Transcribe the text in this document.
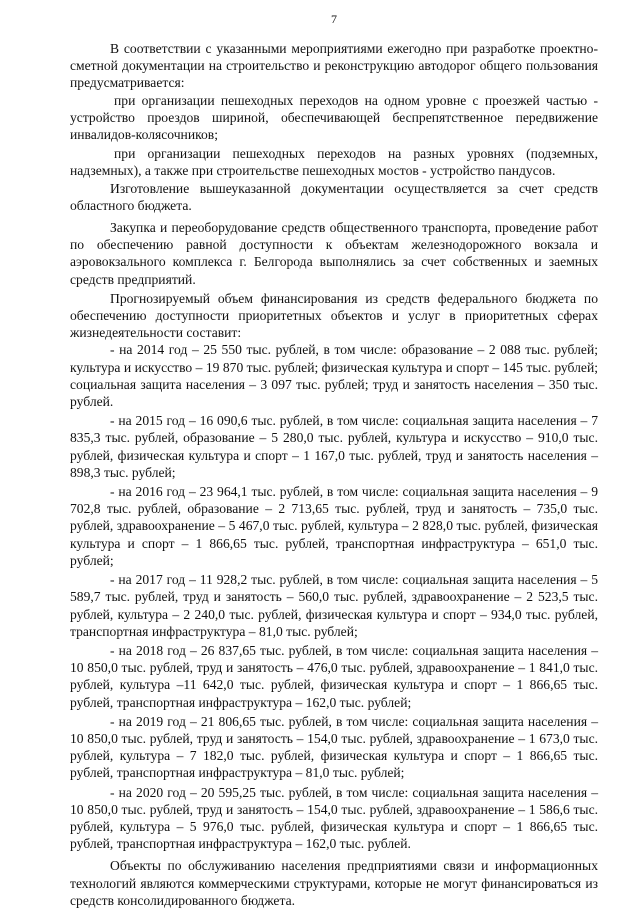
7

В соответствии с указанными мероприятиями ежегодно при разработке проектно-сметной документации на строительство и реконструкцию автодорог общего пользования предусматривается:

при организации пешеходных переходов на одном уровне с проезжей частью - устройство проездов шириной, обеспечивающей беспрепятственное передвижение инвалидов-колясочников;

при организации пешеходных переходов на разных уровнях (подземных, надземных), а также при строительстве пешеходных мостов - устройство пандусов.

Изготовление вышеуказанной документации осуществляется за счет средств областного бюджета.

Закупка и переоборудование средств общественного транспорта, проведение работ по обеспечению равной доступности к объектам железнодорожного вокзала и аэровокзального комплекса г. Белгорода выполнялись за счет собственных и заемных средств предприятий.

Прогнозируемый объем финансирования из средств федерального бюджета по обеспечению доступности приоритетных объектов и услуг в приоритетных сферах жизнедеятельности составит:

- на 2014 год – 25 550 тыс. рублей, в том числе: образование – 2 088 тыс. рублей; культура и искусство – 19 870 тыс. рублей; физическая культура и спорт – 145 тыс. рублей; социальная защита населения – 3 097 тыс. рублей; труд и занятость населения – 350 тыс. рублей.

- на 2015 год – 16 090,6 тыс. рублей, в том числе: социальная защита населения – 7 835,3 тыс. рублей, образование – 5 280,0 тыс. рублей, культура и искусство – 910,0 тыс. рублей, физическая культура и спорт – 1 167,0 тыс. рублей, труд и занятость населения – 898,3 тыс. рублей;

- на 2016 год – 23 964,1 тыс. рублей, в том числе: социальная защита населения – 9 702,8 тыс. рублей, образование – 2 713,65 тыс. рублей, труд и занятость – 735,0 тыс. рублей, здравоохранение – 5 467,0 тыс. рублей, культура – 2 828,0 тыс. рублей, физическая культура и спорт – 1 866,65 тыс. рублей, транспортная инфраструктура – 651,0 тыс. рублей;

- на 2017 год – 11 928,2 тыс. рублей, в том числе: социальная защита населения – 5 589,7 тыс. рублей, труд и занятость – 560,0 тыс. рублей, здравоохранение – 2 523,5 тыс. рублей, культура – 2 240,0 тыс. рублей, физическая культура и спорт – 934,0 тыс. рублей, транспортная инфраструктура – 81,0 тыс. рублей;

- на 2018 год – 26 837,65 тыс. рублей, в том числе: социальная защита населения – 10 850,0 тыс. рублей, труд и занятость – 476,0 тыс. рублей, здравоохранение – 1 841,0 тыс. рублей, культура –11 642,0 тыс. рублей, физическая культура и спорт – 1 866,65 тыс. рублей, транспортная инфраструктура – 162,0 тыс. рублей;

- на 2019 год – 21 806,65 тыс. рублей, в том числе: социальная защита населения – 10 850,0 тыс. рублей, труд и занятость – 154,0 тыс. рублей, здравоохранение – 1 673,0 тыс. рублей, культура – 7 182,0 тыс. рублей, физическая культура и спорт – 1 866,65 тыс. рублей, транспортная инфраструктура – 81,0 тыс. рублей;

- на 2020 год – 20 595,25 тыс. рублей, в том числе: социальная защита населения – 10 850,0 тыс. рублей, труд и занятость – 154,0 тыс. рублей, здравоохранение – 1 586,6 тыс. рублей, культура – 5 976,0 тыс. рублей, физическая культура и спорт – 1 866,65 тыс. рублей, транспортная инфраструктура – 162,0 тыс. рублей.

Объекты по обслуживанию населения предприятиями связи и информационных технологий являются коммерческими структурами, которые не могут финансироваться из средств консолидированного бюджета.
